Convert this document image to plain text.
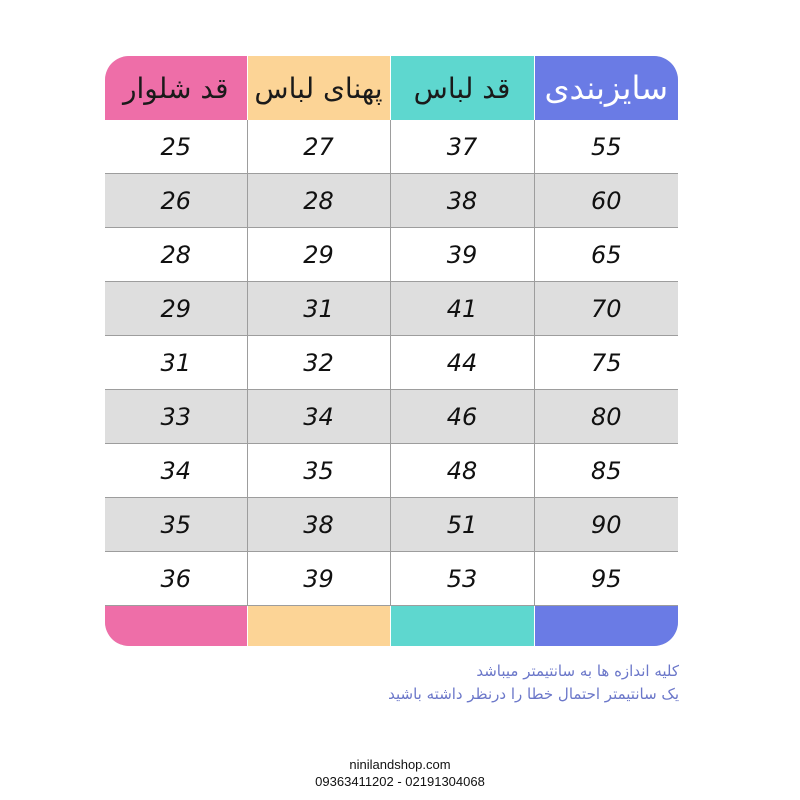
قد شلوار	پهنای لباس	قد لباس	سایزبندی
25	27	37	55
26	28	38	60
28	29	39	65
29	31	41	70
31	32	44	75
33	34	46	80
34	35	48	85
35	38	51	90
36	39	53	95

کلیه اندازه ها به سانتیمتر میباشد
یک سانتیمتر احتمال خطا را درنظر داشته باشید
ninilandshop.com
09363411202 - 02191304068
